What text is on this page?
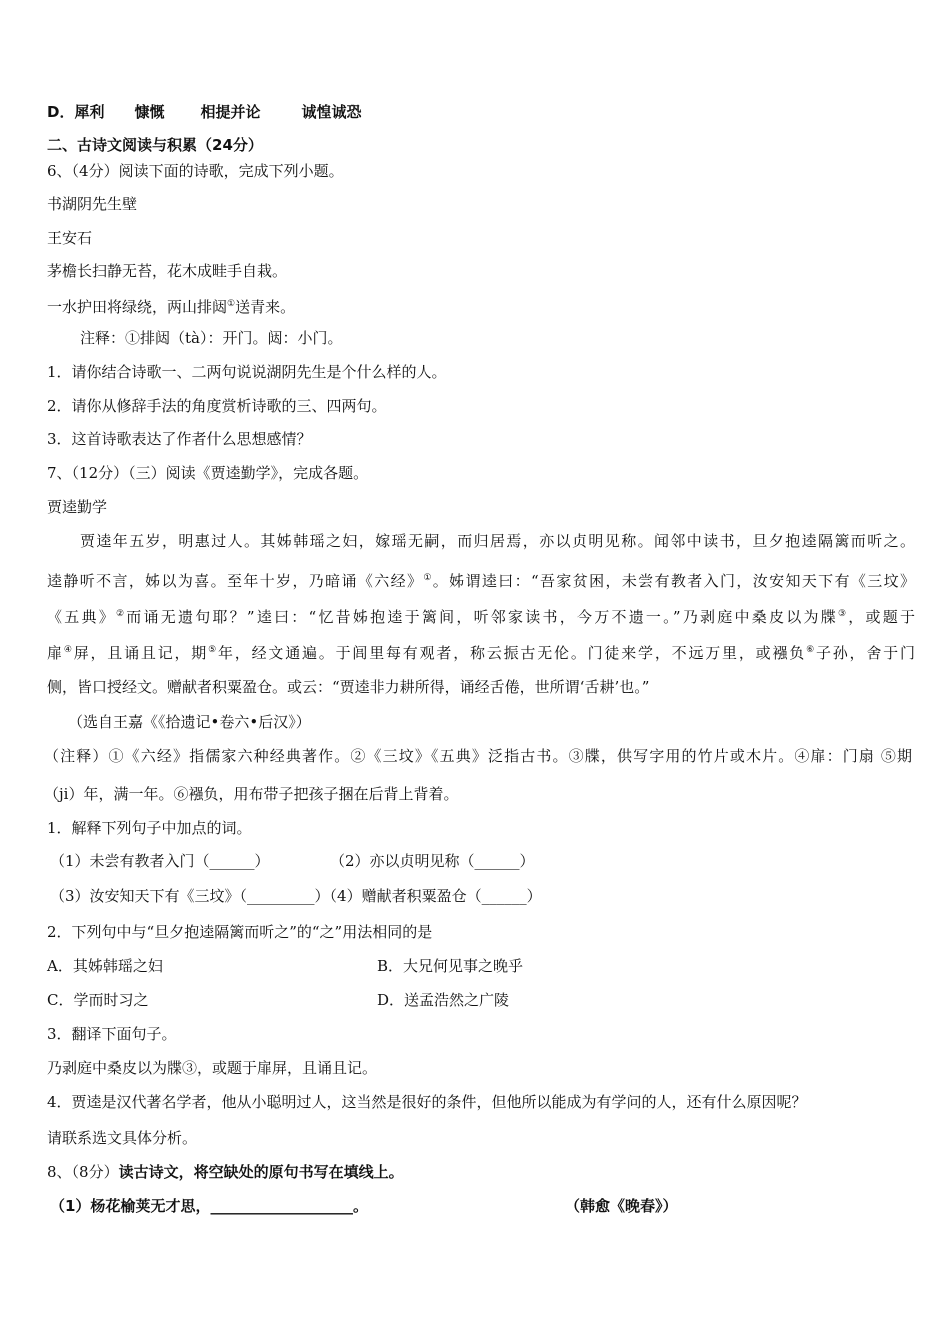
D．犀利 慷慨 相提并论	诚惶诚恐
二、古诗文阅读与积累（24分）
6、（4分）阅读下面的诗歌，完成下列小题。
书湖阴先生壁
王安石
茅檐长扫静无苔，花木成畦手自栽。
一水护田将绿绕，两山排闼①送青来。
注释：①排闼（tà）：开门。闼：小门。
1．请你结合诗歌一、二两句说说湖阴先生是个什么样的人。
2．请你从修辞手法的角度赏析诗歌的三、四两句。
3．这首诗歌表达了作者什么思想感情？
7、（12分）（三）阅读《贾逵勤学》，完成各题。
贾逵勤学
贾逵年五岁，明惠过人。其姊韩瑶之妇，嫁瑶无嗣，而归居焉，亦以贞明见称。闻邻中读书，旦夕抱逵隔篱而听之。
逵静听不言，姊以为喜。至年十岁，乃暗诵《六经》①。姊谓逵曰：“吾家贫困，未尝有教者入门，汝安知天下有《三坟》
《五典》②而诵无遗句耶？”逵曰：“忆昔姊抱逵于篱间，听邻家读书，今万不遗一。”乃剥庭中桑皮以为牒③，或题于
扉④屏，且诵且记，期⑤年，经文通遍。于闾里每有观者，称云振古无伦。门徒来学，不远万里，或襁负⑥子孙，舍于门
侧，皆口授经文。赠献者积粟盈仓。或云：“贾逵非力耕所得，诵经舌倦，世所谓‘舌耕’也。”
（选自王嘉《《拾遗记•卷六•后汉》）
（注释）①《六经》指儒家六种经典著作。②《三坟》《五典》泛指古书。③牒，供写字用的竹片或木片。④扉：门扇 ⑤期
（ji）年，满一年。⑥襁负，用布带子把孩子捆在后背上背着。
1．解释下列句子中加点的词。
（1）未尝有教者入门（______）	（2）亦以贞明见称（______）
（3）汝安知天下有《三坟》（_________）（4）赠献者积粟盈仓（______）
2．下列句中与“旦夕抱逵隔篱而听之”的“之”用法相同的是
A．其姊韩瑶之妇	B．大兄何见事之晚乎
C．学而时习之	D．送孟浩然之广陵
3．翻译下面句子。
乃剥庭中桑皮以为牒③，或题于扉屏，且诵且记。
4．贾逵是汉代著名学者，他从小聪明过人，这当然是很好的条件，但他所以能成为有学问的人，还有什么原因呢？
请联系选文具体分析。
8、（8分）读古诗文，将空缺处的原句书写在填线上。
（1）杨花榆荚无才思，___________________。	（韩愈《晚春》）
